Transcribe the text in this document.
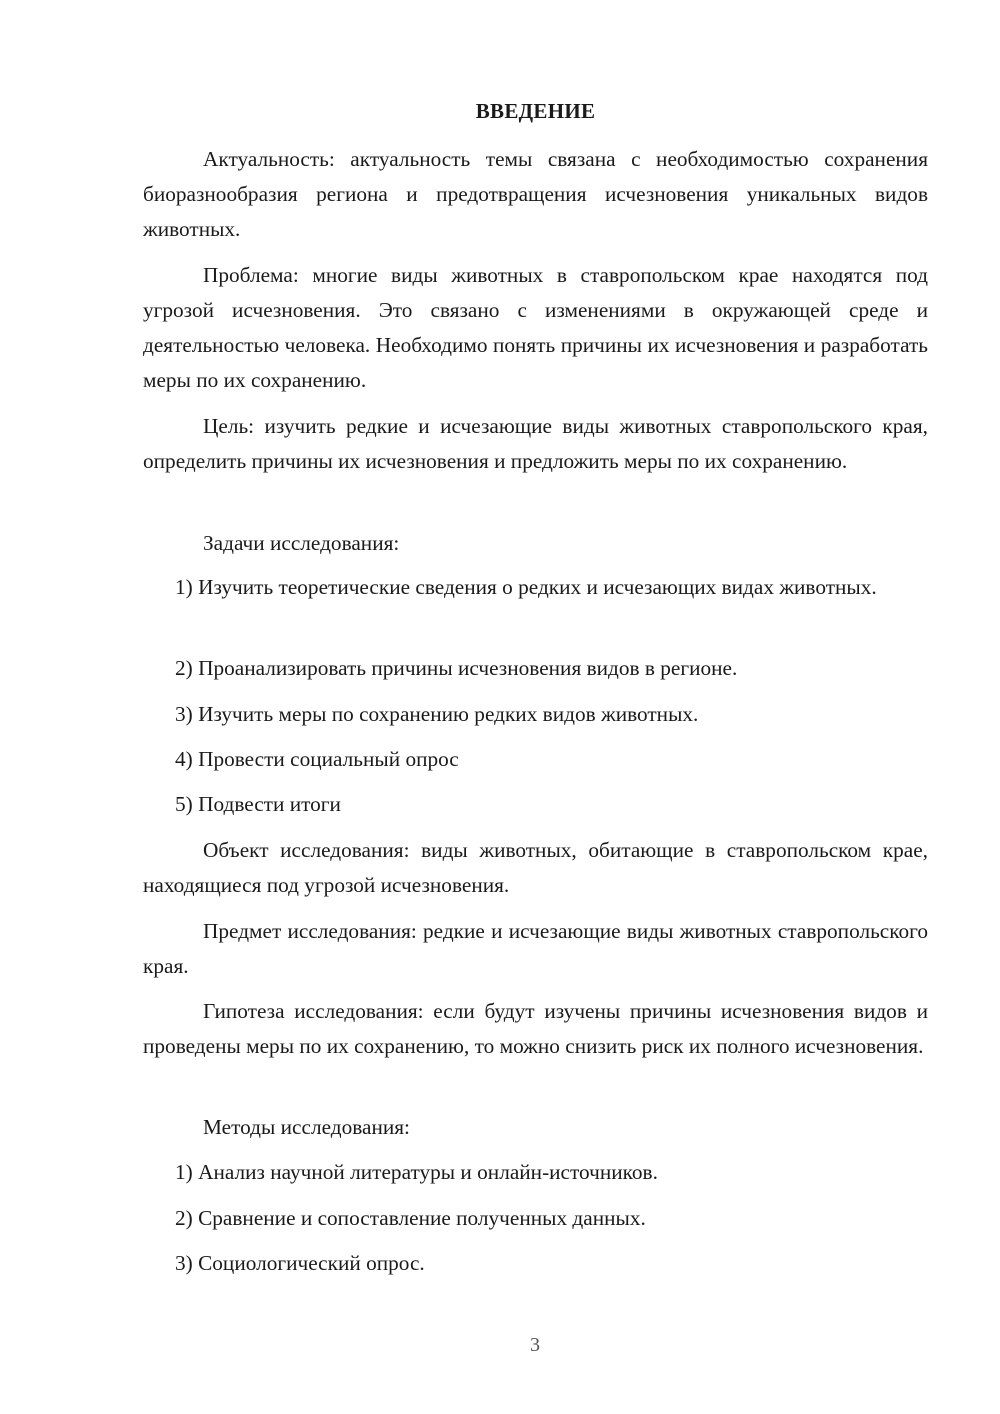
ВВЕДЕНИЕ

Актуальность: актуальность темы связана с необходимостью сохранения биоразнообразия региона и предотвращения исчезновения уникальных видов животных.

Проблема: многие виды животных в ставропольском крае находятся под угрозой исчезновения. Это связано с изменениями в окружающей среде и деятельностью человека. Необходимо понять причины их исчезновения и разработать меры по их сохранению.

Цель: изучить редкие и исчезающие виды животных ставропольского края, определить причины их исчезновения и предложить меры по их сохранению.

Задачи исследования:

1) Изучить теоретические сведения о редких и исчезающих видах животных.

2) Проанализировать причины исчезновения видов в регионе.

3) Изучить меры по сохранению редких видов животных.

4) Провести социальный опрос

5) Подвести итоги

Объект исследования: виды животных, обитающие в ставропольском крае, находящиеся под угрозой исчезновения.

Предмет исследования: редкие и исчезающие виды животных ставропольского края.

Гипотеза исследования: если будут изучены причины исчезновения видов и проведены меры по их сохранению, то можно снизить риск их полного исчезновения.

Методы исследования:

1) Анализ научной литературы и онлайн-источников.

2) Сравнение и сопоставление полученных данных.

3) Социологический опрос.

3
